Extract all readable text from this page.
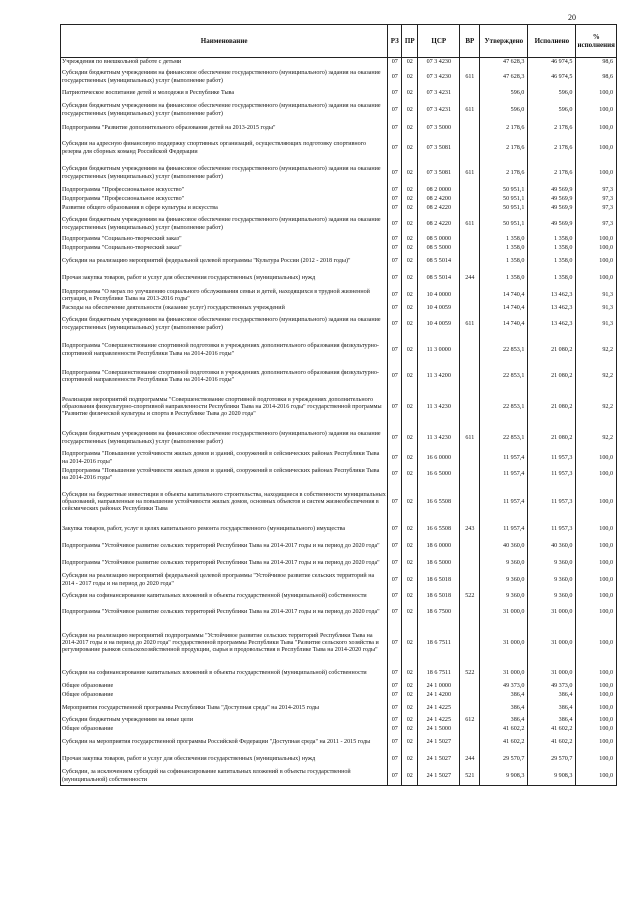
20
Наименование	РЗ	ПР	ЦСР	ВР	Утверждено	Исполнено	% исполнения
Учреждения по внешкольной работе с детьми	07	02	07 3 4230		47 628,3	46 974,5	98,6
Субсидии бюджетным учреждениям на финансовое обеспечение государственного (муниципального) задания на оказание государственных (муниципальных) услуг (выполнение работ)	07	02	07 3 4230	611	47 628,3	46 974,5	98,6
Патриотическое воспитание детей и молодежи в Республике Тыва	07	02	07 3 4231		596,0	596,0	100,0
Субсидии бюджетным учреждениям на финансовое обеспечение государственного (муниципального) задания на оказание государственных (муниципальных) услуг (выполнение работ)	07	02	07 3 4231	611	596,0	596,0	100,0
Подпрограмма "Развитие дополнительного образования детей на 2013-2015 годы"	07	02	07 3 5000		2 178,6	2 178,6	100,0
Субсидии на адресную финансовую поддержку спортивных организаций, осуществляющих подготовку спортивного резерва для сборных команд Российской Федерации	07	02	07 3 5081		2 178,6	2 178,6	100,0
Субсидии бюджетным учреждениям на финансовое обеспечение государственного (муниципального) задания на оказание государственных (муниципальных) услуг (выполнение работ)	07	02	07 3 5081	611	2 178,6	2 178,6	100,0
Подпрограмма "Профессиональное искусство"	07	02	08 2 0000		50 951,1	49 569,9	97,3
Подпрограмма "Профессиональное искусство"	07	02	08 2 4200		50 951,1	49 569,9	97,3
Развитие общего образования в сфере культуры и искусства	07	02	08 2 4220		50 951,1	49 569,9	97,3
Субсидии бюджетным учреждениям на финансовое обеспечение государственного (муниципального) задания на оказание государственных (муниципальных) услуг (выполнение работ)	07	02	08 2 4220	611	50 951,1	49 569,9	97,3
Подпрограмма "Социально-творческий заказ"	07	02	08 5 0000		1 358,0	1 358,0	100,0
Подпрограмма "Социально-творческий заказ"	07	02	08 5 5000		1 358,0	1 358,0	100,0
Субсидии на реализацию мероприятий федеральной целевой программы "Культура России (2012 - 2018 годы)"	07	02	08 5 5014		1 358,0	1 358,0	100,0
Прочая закупка товаров, работ и услуг для обеспечения государственных (муниципальных) нужд	07	02	08 5 5014	244	1 358,0	1 358,0	100,0
Подпрограмма "О мерах по улучшению социального обслуживания семьи и детей, находящихся в трудной жизненной ситуации, в Республике Тыва на 2013-2016 годы"	07	02	10 4 0000		14 740,4	13 462,3	91,3
Расходы на обеспечение деятельности (оказание услуг) государственных учреждений	07	02	10 4 0059		14 740,4	13 462,3	91,3
Субсидии бюджетным учреждениям на финансовое обеспечение государственного (муниципального) задания на оказание государственных (муниципальных) услуг (выполнение работ)	07	02	10 4 0059	611	14 740,4	13 462,3	91,3
Подпрограмма "Совершенствование спортивной подготовки в учреждениях дополнительного образования физкультурно-спортивной направленности Республики Тыва на 2014-2016 годы"	07	02	11 3 0000		22 853,1	21 080,2	92,2
Подпрограмма "Совершенствование спортивной подготовки в учреждениях дополнительного образования физкультурно-спортивной направленности Республики Тыва на 2014-2016 годы"	07	02	11 3 4200		22 853,1	21 080,2	92,2
Реализация мероприятий подпрограммы "Совершенствование спортивной подготовки в учреждениях дополнительного образования физкультурно-спортивной направленности Республики Тыва на 2014-2016 годы" государственной программы "Развитие физической культуры и спорта в Республике Тыва до 2020 года"	07	02	11 3 4230		22 853,1	21 080,2	92,2
Субсидии бюджетным учреждениям на финансовое обеспечение государственного (муниципального) задания на оказание государственных (муниципальных) услуг (выполнение работ)	07	02	11 3 4230	611	22 853,1	21 080,2	92,2
Подпрограмма "Повышение устойчивости жилых домов и зданий, сооружений в сейсмических районах Республики Тыва на 2014-2016 годы"	07	02	16 6 0000		11 957,4	11 957,3	100,0
Подпрограмма "Повышение устойчивости жилых домов и зданий, сооружений в сейсмических районах Республики Тыва на 2014-2016 годы"	07	02	16 6 5000		11 957,4	11 957,3	100,0
Субсидии на бюджетные инвестиции в объекты капитального строительства, находящиеся в собственности муниципальных образований, направленные на повышение устойчивости жилых домов, основных объектов и систем жизнеобеспечения в сейсмических районах Республики Тыва	07	02	16 6 5508		11 957,4	11 957,3	100,0
Закупка товаров, работ, услуг в целях капитального ремонта государственного (муниципального) имущества	07	02	16 6 5508	243	11 957,4	11 957,3	100,0
Подпрограмма "Устойчивое развитие сельских территорий Республики Тыва на 2014-2017 годы и на период до 2020 года"	07	02	18 6 0000		40 360,0	40 360,0	100,0
Подпрограмма "Устойчивое развитие сельских территорий Республики Тыва на 2014-2017 годы и на период до 2020 года"	07	02	18 6 5000		9 360,0	9 360,0	100,0
Субсидии на реализацию мероприятий федеральной целевой программы "Устойчивое развитие сельских территорий на 2014 - 2017 годы и на период до 2020 года"	07	02	18 6 5018		9 360,0	9 360,0	100,0
Субсидии на софинансирование капитальных вложений в объекты государственной (муниципальной) собственности	07	02	18 6 5018	522	9 360,0	9 360,0	100,0
Подпрограмма "Устойчивое развитие сельских территорий Республики Тыва на 2014-2017 годы и на период до 2020 года"	07	02	18 6 7500		31 000,0	31 000,0	100,0
Субсидии на реализацию мероприятий подпрограммы "Устойчивое развитие сельских территорий Республики Тыва на 2014-2017 годы и на период до 2020 года" государственной программы Республики Тыва "Развитие сельского хозяйства и регулирование рынков сельскохозяйственной продукции, сырья и продовольствия в Республике Тыва на 2014-2020 годы"	07	02	18 6 7511		31 000,0	31 000,0	100,0
Субсидии на софинансирование капитальных вложений в объекты государственной (муниципальной) собственности	07	02	18 6 7511	522	31 000,0	31 000,0	100,0
Общее образование	07	02	24 1 0000		49 373,0	49 373,0	100,0
Общее образование	07	02	24 1 4200		386,4	386,4	100,0
Мероприятия государственной программы Республики Тыва "Доступная среда" на 2014-2015 годы	07	02	24 1 4225		386,4	386,4	100,0
Субсидии бюджетным учреждениям на иные цели	07	02	24 1 4225	612	386,4	386,4	100,0
Общее образование	07	02	24 1 5000		41 602,2	41 602,2	100,0
Субсидии на мероприятия государственной программы Российской Федерации "Доступная среда" на 2011 - 2015 годы	07	02	24 1 5027		41 602,2	41 602,2	100,0
Прочая закупка товаров, работ и услуг для обеспечения государственных (муниципальных) нужд	07	02	24 1 5027	244	29 570,7	29 570,7	100,0
Субсидии, за исключением субсидий на софинансирование капитальных вложений в объекты государственной (муниципальной) собственности	07	02	24 1 5027	521	9 908,3	9 908,3	100,0
